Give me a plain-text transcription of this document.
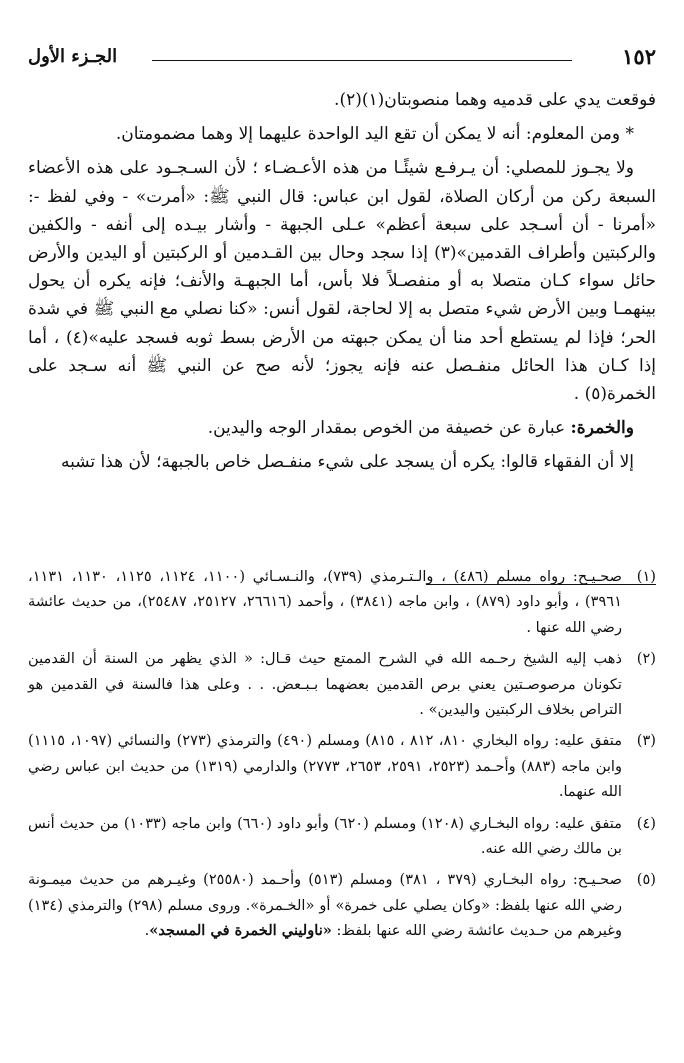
١٥٢
الجـزء الأول

فوقعت يدي على قدميه وهما منصوبتان(١)(٢).

* ومن المعلوم: أنه لا يمكن أن تقع اليد الواحدة عليهما إلا وهما مضمومتان.

ولا يجـوز للمصلي: أن يـرفـع شيئًـا من هذه الأعـضـاء ؛ لأن السـجـود على هذه الأعضاء السبعة ركن من أركان الصلاة، لقول ابن عباس: قال النبي ﷺ: «أمرت» - وفي لفظ -: «أمرنا - أن أسـجد على سبعة أعظم» عـلى الجبهة - وأشار بيـده إلى أنفه - والكفين والركبتين وأطراف القدمين»(٣) إذا سجد وحال بين القـدمين أو الركبتين أو اليدين والأرض حائل سواء كـان متصلا به أو منفصـلاً فلا بأس، أما الجبهـة والأنف؛ فإنه يكره أن يحول بينهمـا وبين الأرض شيء متصل به إلا لحاجة، لقول أنس: «كنا نصلي مع النبي ﷺ في شدة الحر؛ فإذا لم يستطع أحد منا أن يمكن جبهته من الأرض بسط ثوبه فسجد عليه»(٤) ، أما إذا كـان هذا الحائل منفـصل عنه فإنه يجوز؛ لأنه صح عن النبي ﷺ أنه سـجد على الخمرة(٥) .

والخمرة: عبارة عن خصيفة من الخوص بمقدار الوجه واليدين.

إلا أن الفقهاء قالوا: يكره أن يسجد على شيء منفـصل خاص بالجبهة؛ لأن هذا تشبه

(١)
صحـيـح: رواه مسلم (٤٨٦) ، والـتـرمذي (٧٣٩)، والنـسـائي (١١٠٠، ١١٢٤، ١١٢٥، ١١٣٠، ١١٣١، ٣٩٦١) ، وأبو داود (٨٧٩) ، وابن ماجه (٣٨٤١) ، وأحمد (٢٦٦١٦، ٢٥١٢٧، ٢٥٤٨٧)، من حديث عائشة رضي الله عنها .
(٢)
ذهب إليه الشيخ رحـمه الله في الشرح الممتع حيث قـال: « الذي يظهر من السنة أن القدمين تكونان مرصوصـتين يعني برص القدمين بعضهما بـبـعض. . . وعلى هذا فالسنة في القدمين هو التراص بخلاف الركبتين واليدين» .
(٣)
متفق عليه: رواه البخاري ٨١٠، ٨١٢ ، ٨١٥) ومسلم (٤٩٠) والترمذي (٢٧٣) والنسائي (١٠٩٧، ١١١٥) وابن ماجه (٨٨٣) وأحـمد (٢٥٢٣، ٢٥٩١، ٢٦٥٣، ٢٧٧٣) والدارمي (١٣١٩) من حديث ابن عباس رضي الله عنهما.
(٤)
متفق عليه: رواه البخـاري (١٢٠٨) ومسلم (٦٢٠) وأبو داود (٦٦٠) وابن ماجه (١٠٣٣) من حديث أنس بن مالك رضي الله عنه.
(٥)
صحـيـح: رواه البخـاري (٣٧٩ ، ٣٨١) ومسلم (٥١٣) وأحـمد (٢٥٥٨٠) وغيـرهم من حديث ميمـونة رضي الله عنها بلفظ: «وكان يصلي على خمرة» أو «الخـمرة». وروى مسلم (٢٩٨) والترمذي (١٣٤) وغيرهم من حـديث عائشة رضي الله عنها بلفظ: «ناوليني الخمرة في المسجد».
